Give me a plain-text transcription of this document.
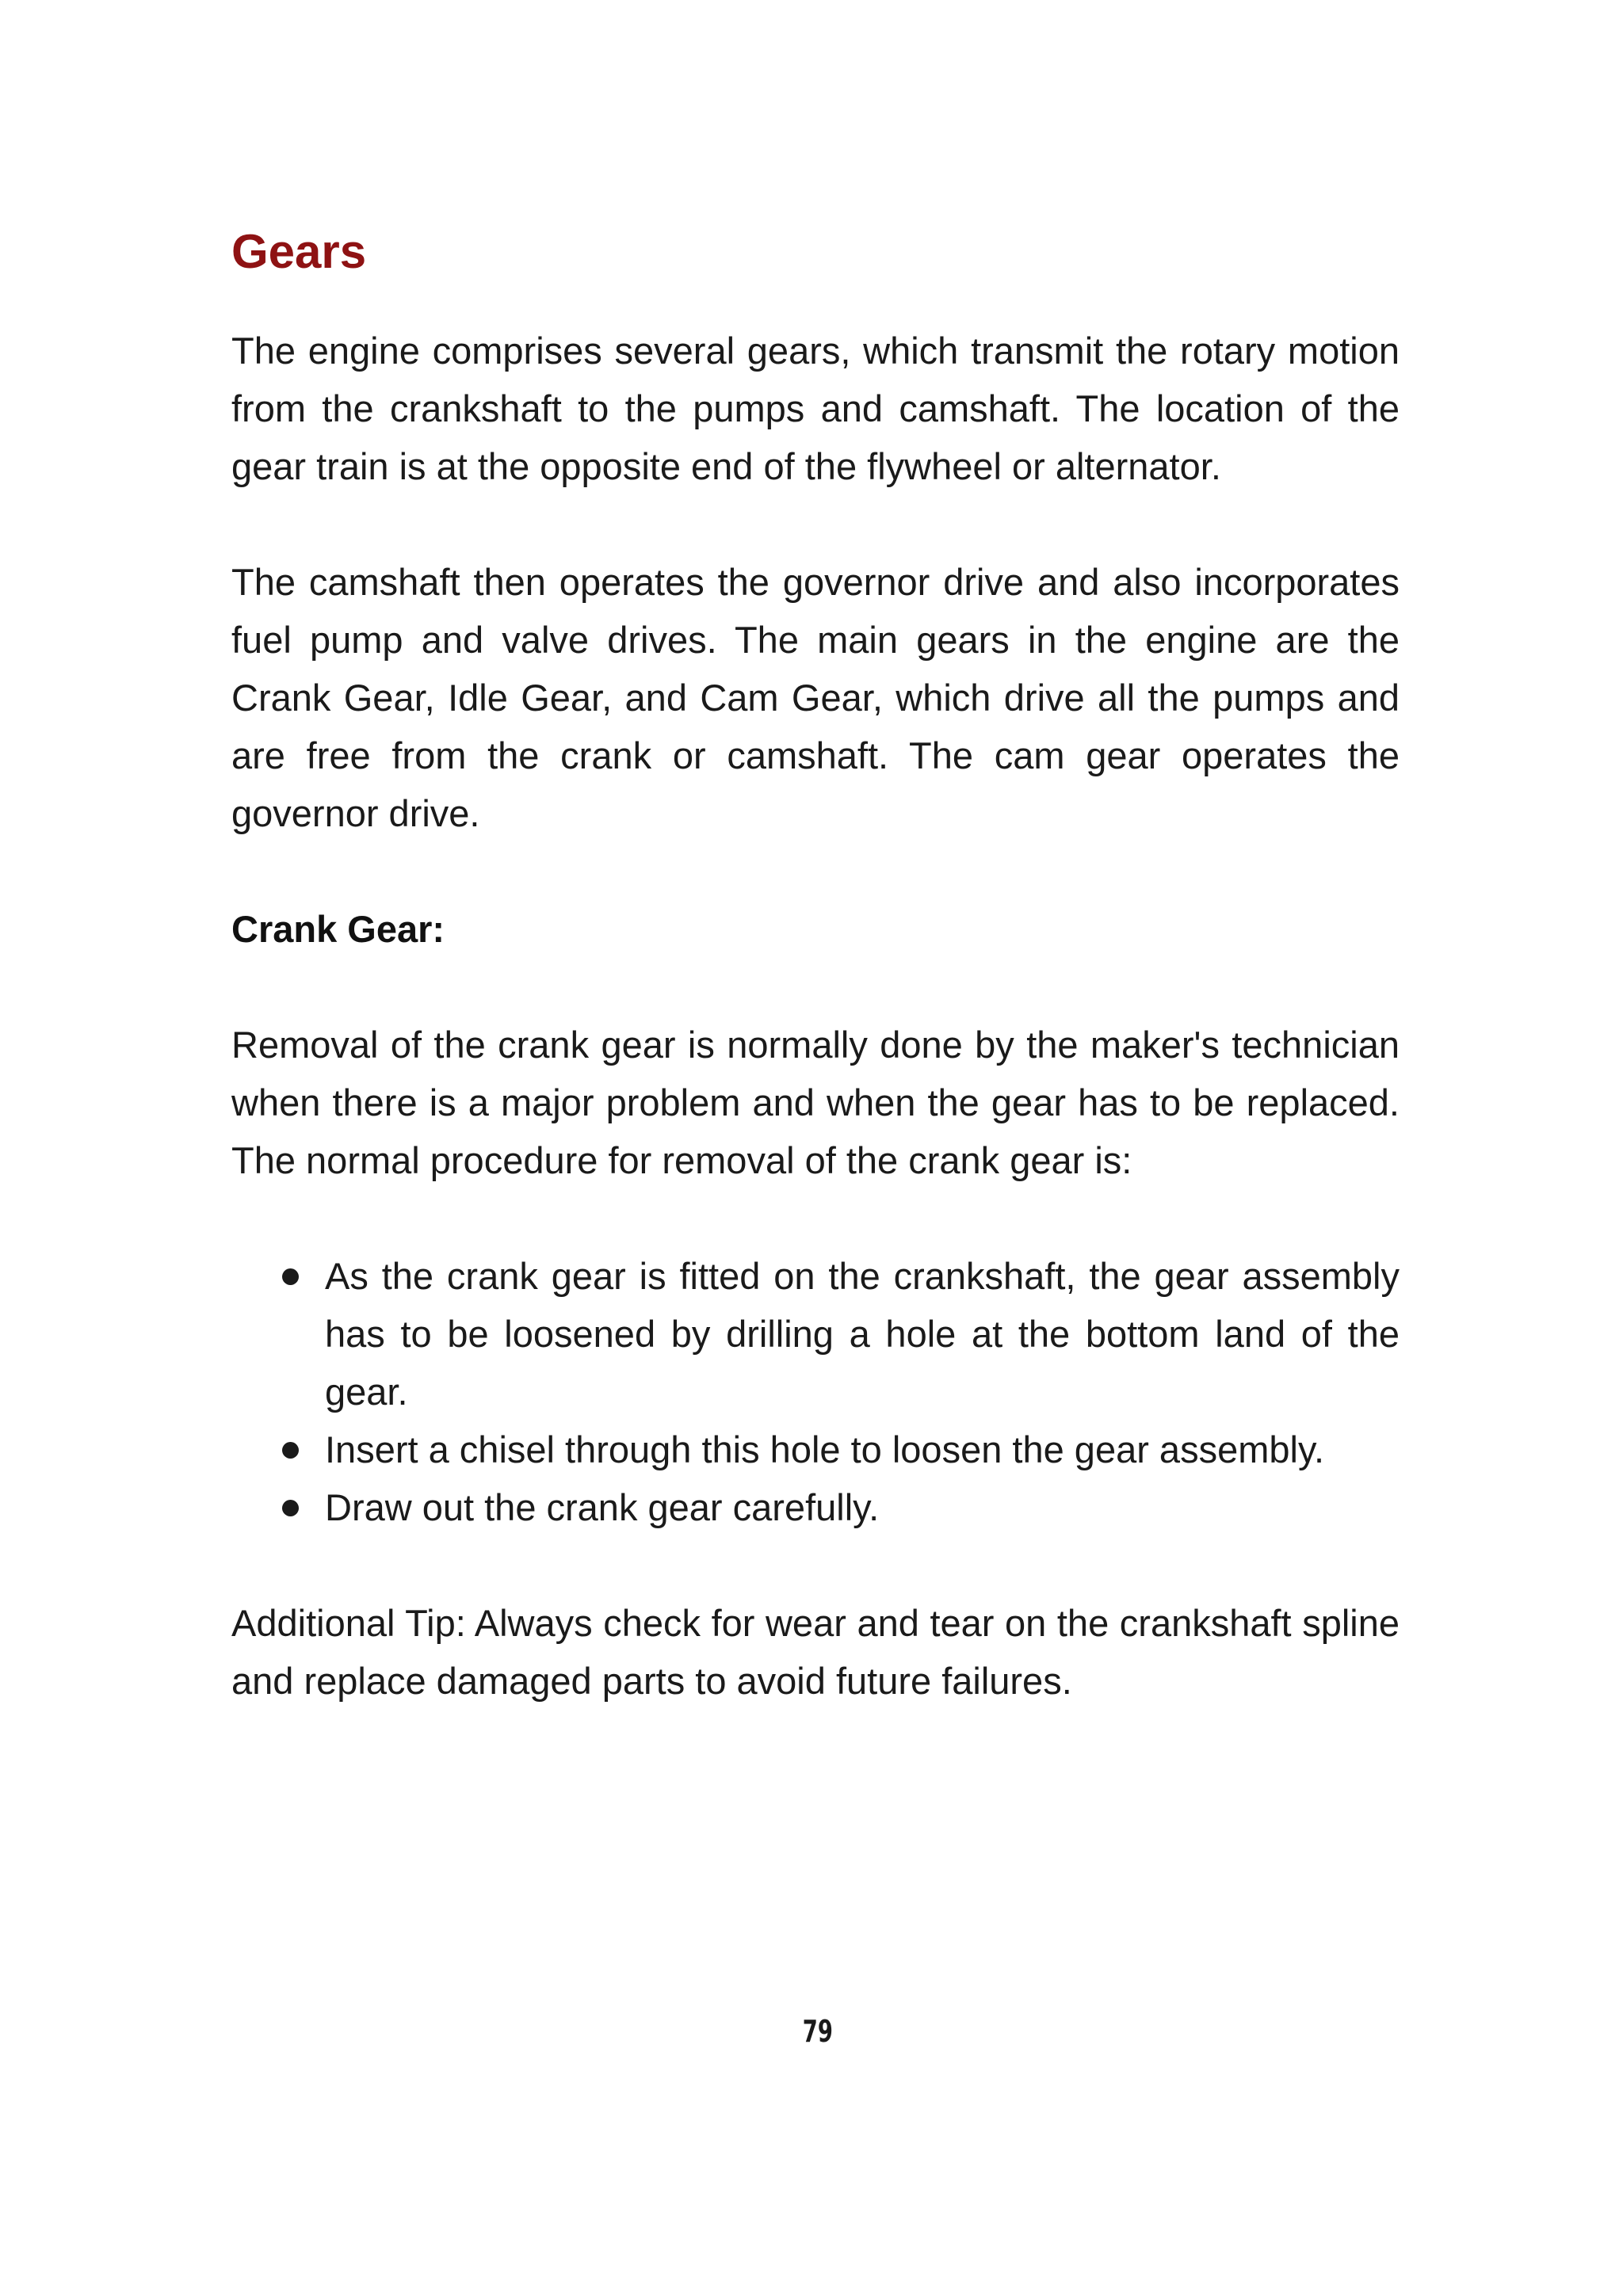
Gears

The engine comprises several gears, which transmit the rotary motion from the crankshaft to the pumps and camshaft. The location of the gear train is at the opposite end of the flywheel or alternator.

The camshaft then operates the governor drive and also incorporates fuel pump and valve drives. The main gears in the engine are the Crank Gear, Idle Gear, and Cam Gear, which drive all the pumps and are free from the crank or camshaft. The cam gear operates the governor drive.

Crank Gear:

Removal of the crank gear is normally done by the maker's technician when there is a major problem and when the gear has to be replaced. The normal procedure for removal of the crank gear is:

As the crank gear is fitted on the crankshaft, the gear assembly has to be loosened by drilling a hole at the bottom land of the gear.
Insert a chisel through this hole to loosen the gear assembly.
Draw out the crank gear carefully.

Additional Tip: Always check for wear and tear on the crankshaft spline and replace damaged parts to avoid future failures.

79
